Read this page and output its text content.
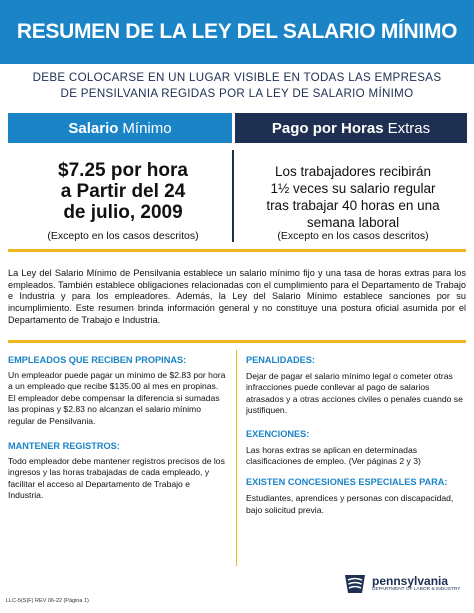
RESUMEN DE LA LEY DEL SALARIO MÍNIMO
DEBE COLOCARSE EN UN LUGAR VISIBLE EN TODAS LAS EMPRESAS
DE PENSILVANIA REGIDAS POR LA LEY DE SALARIO MÍNIMO
Salario Mínimo	Pago por Horas Extras
$7.25 por hora
a Partir del 24
de julio, 2009
(Excepto en los casos descritos)
Los trabajadores recibirán
1½ veces su salario regular
tras trabajar 40 horas en una
semana laboral
(Excepto en los casos descritos)
La Ley del Salario Mínimo de Pensilvania establece un salario mínimo fijo y una tasa de horas extras para los empleados. También establece obligaciones relacionadas con el cumplimiento para el Departamento de Trabajo e Industria y para los empleadores. Además, la Ley del Salario Mínimo establece sanciones por su incumplimiento. Este resumen brinda información general y no constituye una postura oficial asumida por el Departamento de Trabajo e Industria.
EMPLEADOS QUE RECIBEN PROPINAS:
Un empleador puede pagar un mínimo de $2.83 por hora a un empleado que recibe $135.00 al mes en propinas. El empleador debe compensar la diferencia si sumadas las propinas y $2.83 no alcanzan el salario mínimo regular de Pensilvania.
MANTENER REGISTROS:
Todo empleador debe mantener registros precisos de los ingresos y las horas trabajadas de cada empleado, y facilitar el acceso al Departamento de Trabajo e Industria.
PENALIDADES:
Dejar de pagar el salario mínimo legal o cometer otras infracciones puede conllevar al pago de salarios atrasados y a otras acciones civiles o penales cuando se justifiquen.
EXENCIONES:
Las horas extras se aplican en determinadas clasificaciones de empleo. (Ver páginas 2 y 3)
EXISTEN CONCESIONES ESPECIALES PARA:
Estudiantes, aprendices y personas con discapacidad, bajo solicitud previa.
LLC-5(S)F) REV 06-22 (Página 1)
pennsylvania
DEPARTMENT OF LABOR & INDUSTRY
